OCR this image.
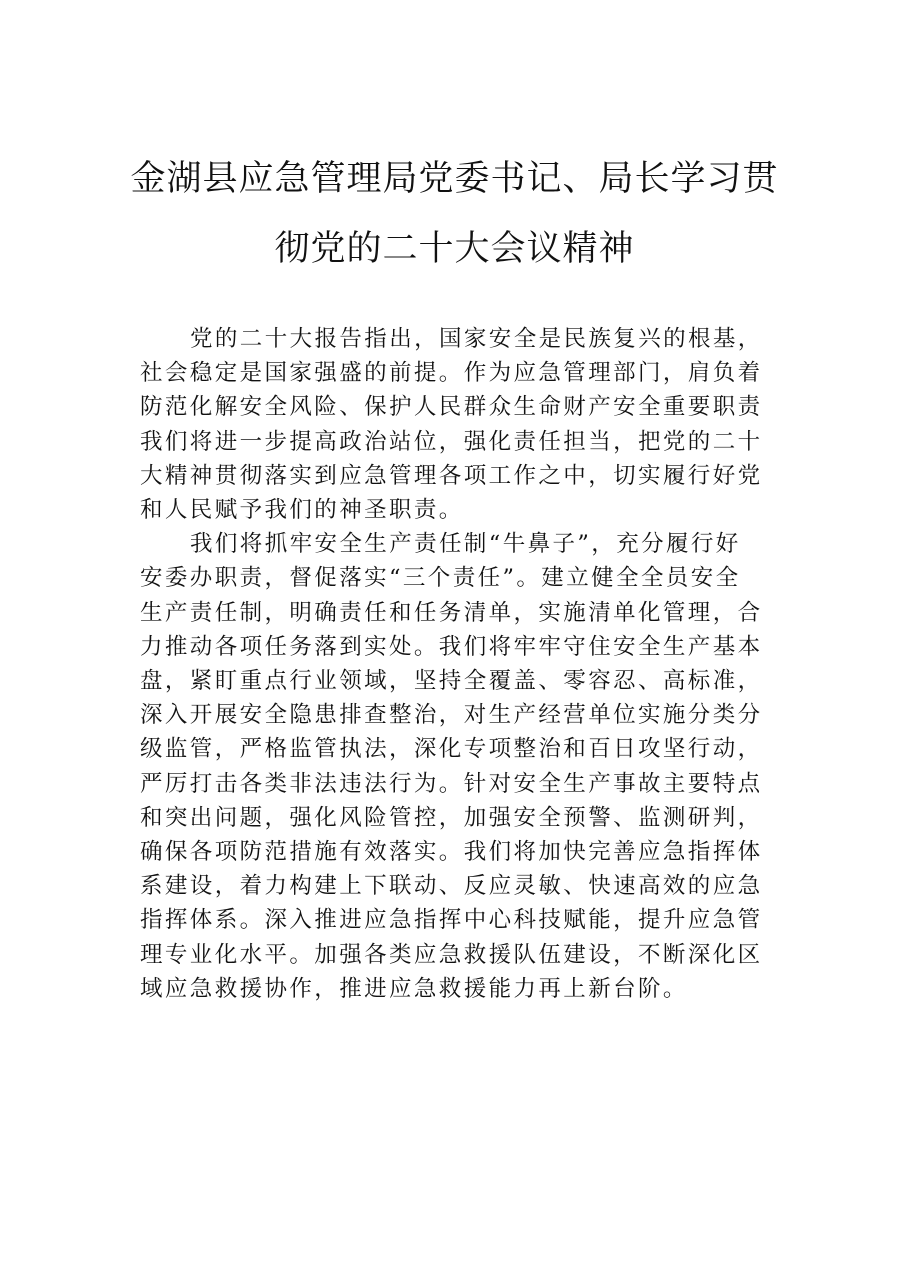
金湖县应急管理局党委书记、局长学习贯
彻党的二十大会议精神

党的二十大报告指出，国家安全是民族复兴的根基，
社会稳定是国家强盛的前提。作为应急管理部门，肩负着
防范化解安全风险、保护人民群众生命财产安全重要职责
我们将进一步提高政治站位，强化责任担当，把党的二十
大精神贯彻落实到应急管理各项工作之中，切实履行好党
和人民赋予我们的神圣职责。

我们将抓牢安全生产责任制“牛鼻子”，充分履行好
安委办职责，督促落实“三个责任”。建立健全全员安全
生产责任制，明确责任和任务清单，实施清单化管理，合
力推动各项任务落到实处。我们将牢牢守住安全生产基本
盘，紧盯重点行业领域，坚持全覆盖、零容忍、高标准，
深入开展安全隐患排查整治，对生产经营单位实施分类分
级监管，严格监管执法，深化专项整治和百日攻坚行动，
严厉打击各类非法违法行为。针对安全生产事故主要特点
和突出问题，强化风险管控，加强安全预警、监测研判，
确保各项防范措施有效落实。我们将加快完善应急指挥体
系建设，着力构建上下联动、反应灵敏、快速高效的应急
指挥体系。深入推进应急指挥中心科技赋能，提升应急管
理专业化水平。加强各类应急救援队伍建设，不断深化区
域应急救援协作，推进应急救援能力再上新台阶。
